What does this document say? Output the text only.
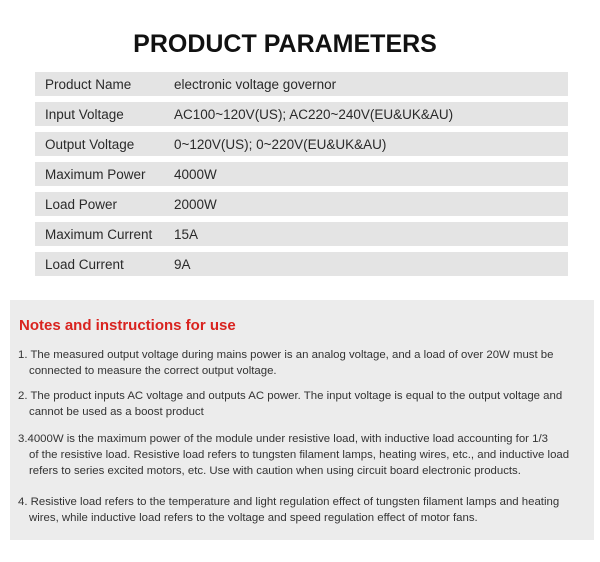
PRODUCT PARAMETERS
Product Name	electronic voltage governor
Input Voltage	AC100~120V(US); AC220~240V(EU&UK&AU)
Output Voltage	0~120V(US); 0~220V(EU&UK&AU)
Maximum Power	4000W
Load Power	2000W
Maximum Current	15A
Load Current	9A
Notes and instructions for use
1. The measured output voltage during mains power is an analog voltage, and a load of over 20W must be
connected to measure the correct output voltage.
2. The product inputs AC voltage and outputs AC power. The input voltage is equal to the output voltage and
cannot be used as a boost product
3.4000W is the maximum power of the module under resistive load, with inductive load accounting for 1/3
of the resistive load. Resistive load refers to tungsten filament lamps, heating wires, etc., and inductive load
refers to series excited motors, etc. Use with caution when using circuit board electronic products.
4. Resistive load refers to the temperature and light regulation effect of tungsten filament lamps and heating
wires, while inductive load refers to the voltage and speed regulation effect of motor fans.
